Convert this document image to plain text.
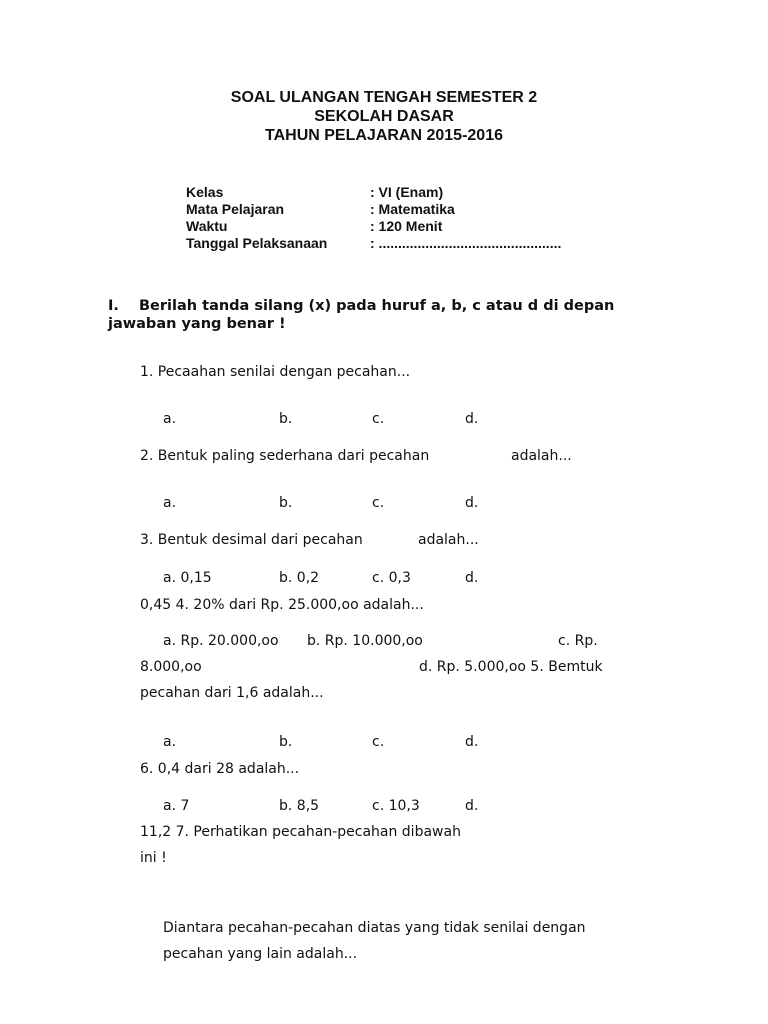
SOAL ULANGAN TENGAH SEMESTER 2
SEKOLAH DASAR
TAHUN PELAJARAN 2015-2016
Kelas	: VI (Enam)
Mata Pelajaran	: Matematika
Waktu	: 120 Menit
Tanggal Pelaksanaan	: ...............................................
I. Berilah tanda silang (x) pada huruf a, b, c atau d di depan
jawaban yang benar !
1. Pecaahan senilai dengan pecahan...
a.	b.	c.	d.
2. Bentuk paling sederhana dari pecahan	adalah...
a.	b.	c.	d.
3. Bentuk desimal dari pecahan	adalah...
a. 0,15	b. 0,2	c. 0,3	d.
0,45 4. 20% dari Rp. 25.000,oo adalah...
a. Rp. 20.000,oo b. Rp. 10.000,oo	c. Rp.
8.000,oo	d. Rp. 5.000,oo 5. Bemtuk
pecahan dari 1,6 adalah...
a.	b.	c.	d.
6. 0,4 dari 28 adalah...
a. 7	b. 8,5	c. 10,3	d.
11,2 7. Perhatikan pecahan-pecahan dibawah
ini !
Diantara pecahan-pecahan diatas yang tidak senilai dengan
pecahan yang lain adalah...
